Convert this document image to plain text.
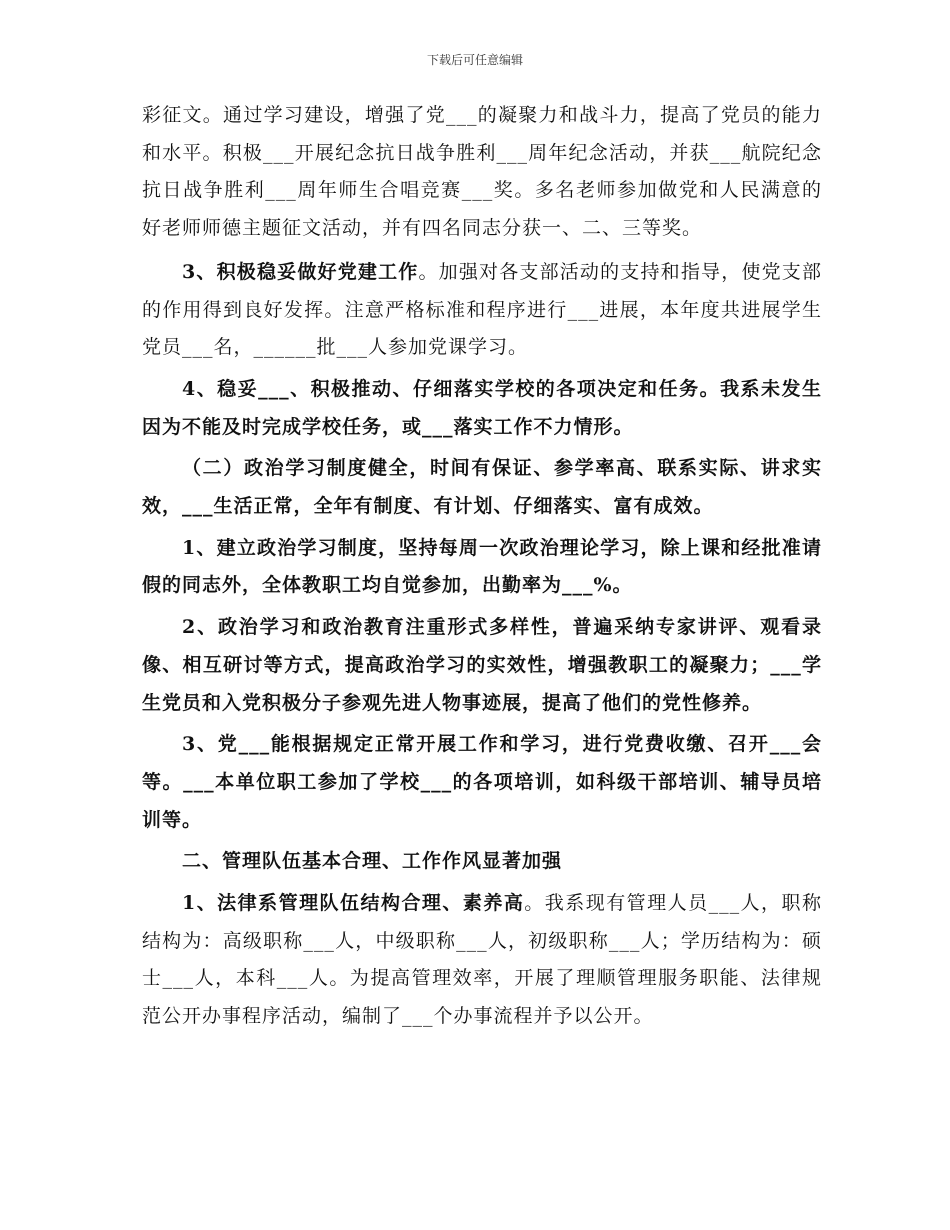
下载后可任意编辑

彩征文。通过学习建设，增强了党___的凝聚力和战斗力，提高了党员的能力和水平。积极___开展纪念抗日战争胜利___周年纪念活动，并获___航院纪念抗日战争胜利___周年师生合唱竞赛___奖。多名老师参加做党和人民满意的好老师师德主题征文活动，并有四名同志分获一、二、三等奖。

3、积极稳妥做好党建工作。加强对各支部活动的支持和指导，使党支部的作用得到良好发挥。注意严格标准和程序进行___进展，本年度共进展学生党员___名，______批___人参加党课学习。

4、稳妥___、积极推动、仔细落实学校的各项决定和任务。我系未发生因为不能及时完成学校任务，或___落实工作不力情形。

（二）政治学习制度健全，时间有保证、参学率高、联系实际、讲求实效，___生活正常，全年有制度、有计划、仔细落实、富有成效。

1、建立政治学习制度，坚持每周一次政治理论学习，除上课和经批准请假的同志外，全体教职工均自觉参加，出勤率为___%。

2、政治学习和政治教育注重形式多样性，普遍采纳专家讲评、观看录像、相互研讨等方式，提高政治学习的实效性，增强教职工的凝聚力；___学生党员和入党积极分子参观先进人物事迹展，提高了他们的党性修养。

3、党___能根据规定正常开展工作和学习，进行党费收缴、召开___会等。___本单位职工参加了学校___的各项培训，如科级干部培训、辅导员培训等。

二、管理队伍基本合理、工作作风显著加强

1、法律系管理队伍结构合理、素养高。我系现有管理人员___人，职称结构为：高级职称___人，中级职称___人，初级职称___人；学历结构为：硕士___人，本科___人。为提高管理效率，开展了理顺管理服务职能、法律规范公开办事程序活动，编制了___个办事流程并予以公开。
